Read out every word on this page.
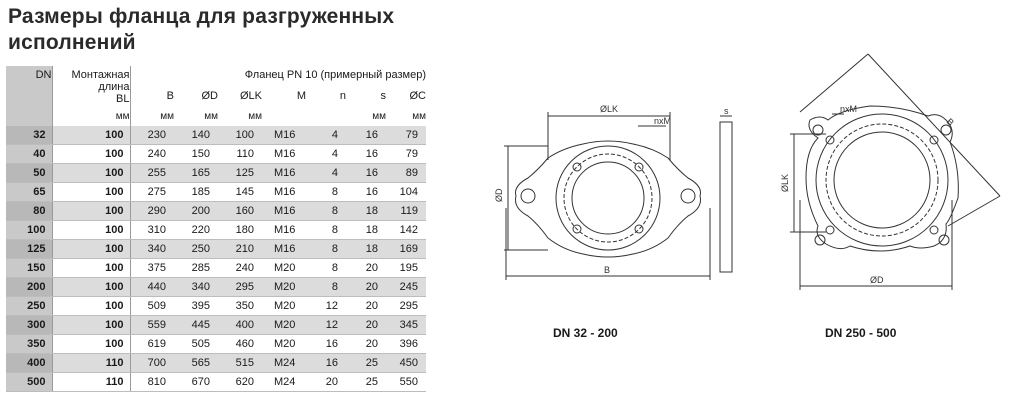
Размеры фланца для разгруженных
исполнений
DN	Монтажная
длина
BL	Фланец PN 10 (примерный размер)						
		B	ØD	ØLK	M	n	s	ØC
	мм	мм	мм	мм			мм	мм
32	100	230	140	100	M16	4	16	79
40	100	240	150	110	M16	4	16	79
50	100	255	165	125	M16	4	16	89
65	100	275	185	145	M16	8	16	104
80	100	290	200	160	M16	8	18	119
100	100	310	220	180	M16	8	18	142
125	100	340	250	210	M16	8	18	169
150	100	375	285	240	M20	8	20	195
200	100	440	340	295	M20	8	20	245
250	100	509	395	350	M20	12	20	295
300	100	559	445	400	M20	12	20	345
350	100	619	505	460	M20	16	20	396
400	110	700	565	515	M24	16	25	450
500	110	810	670	620	M24	20	25	550
ØLK
nxM
ØD
B
s
DN 32 - 200
B
nxM
ØLK
ØD
DN 250 - 500
